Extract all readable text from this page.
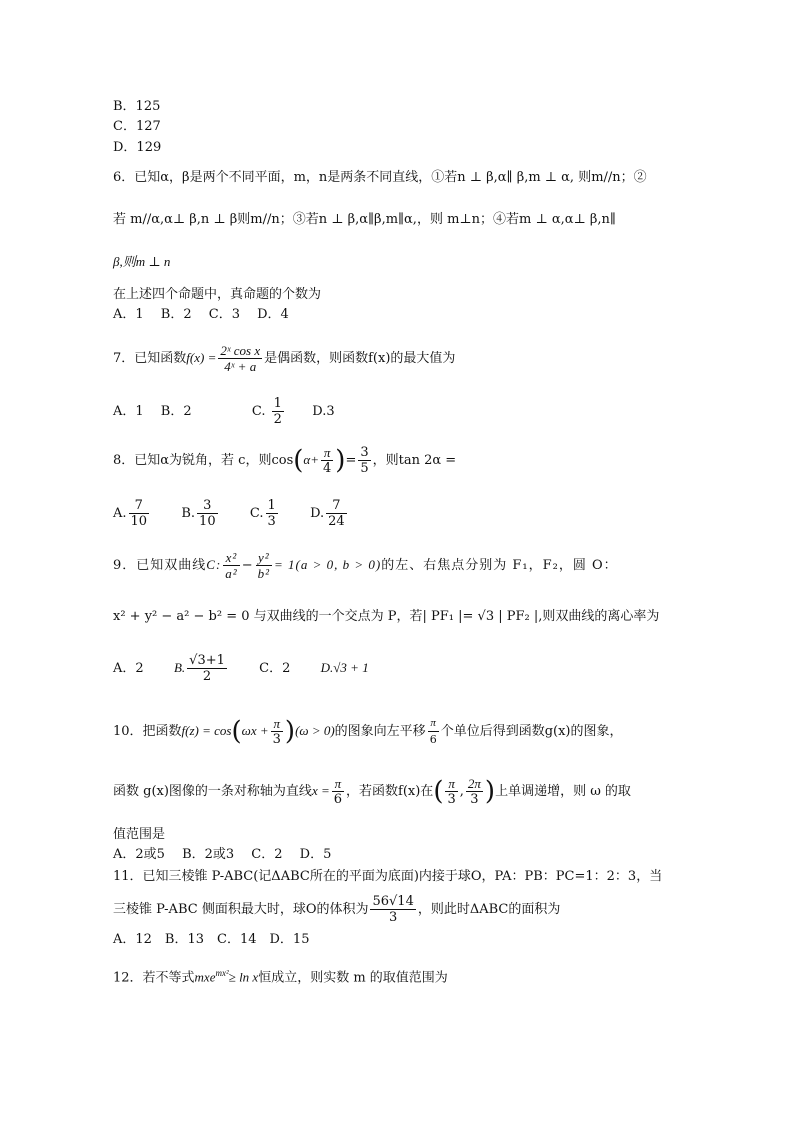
B．125
C．127
D．129
6．已知α，β是两个不同平面，m，n是两条不同直线，①若n ⊥ β,α∥ β,m ⊥ α, 则m//n；②
若 m//α,α⊥ β,n ⊥ β则m//n；③若n ⊥ β,α∥β,m∥α,，则 m⊥n；④若m ⊥ α,α⊥ β,n∥
β,则m ⊥ n
在上述四个命题中，真命题的个数为
A．1　 B．2　 C．3　 D．4
7．已知函数$f(x) = \frac{\text{2ˣ cos x}}{\text{4ˣ + a}}$ 是偶函数，则函数f(x)的最大值为
A．1　 B．2	C. $\frac{1}{2} D.3$
8．已知α为锐角，若 c，则$\cos(\alpha+ \frac{\pi}{4}$ )= $\frac{3}{5}$ ，则tan 2α =
A. $\frac{7}{10} B$. $\frac{3}{10} C$. $\frac{1}{3} D$. $\frac{7}{24}$
9．已知双曲线C: $\frac{\text{x²}}{\text{a²}} - \frac{\text{y²}}{\text{b²}} = 1(a > 0$, b > 0)的左、右焦点分别为 F₁，F₂，圆 O：
x² + y² − a² − b² = 0 与双曲线的一个交点为 P，若| PF₁ |= √3 | PF₂ |,则双曲线的离心率为
A．2 B. $\frac{√3+1}{2}$ C．2 D.√3 + 1
10．把函数$f(z) = \cos(\omega x + \frac{\pi}{3} )(\omega > 0)$的图象向左平移 $\frac{\pi}{6}$ 个单位后得到函数g(x)的图象，
函数 g(x)图像的一条对称轴为直线$x = \frac{\pi}{6}$ ，若函数f(x)在( $\frac{\pi}{3}$ , $\frac{2\pi}{3}$ )上单调递增，则 ω 的取
值范围是
A．2或5　 B．2或3　 C．2　 D．5
11．已知三棱锥 P-ABC(记ΔABC所在的平面为底面)内接于球O，PA：PB：PC=1：2：3，当
三棱锥 P-ABC 侧面积最大时，球O的体积为 $\frac{56√14}{3}$ ，则此时ΔABC的面积为
A．12　B．13　C．14　D．15
12．若不等式mxe$^{mx^2}$≥ ln x恒成立，则实数 m 的取值范围为
